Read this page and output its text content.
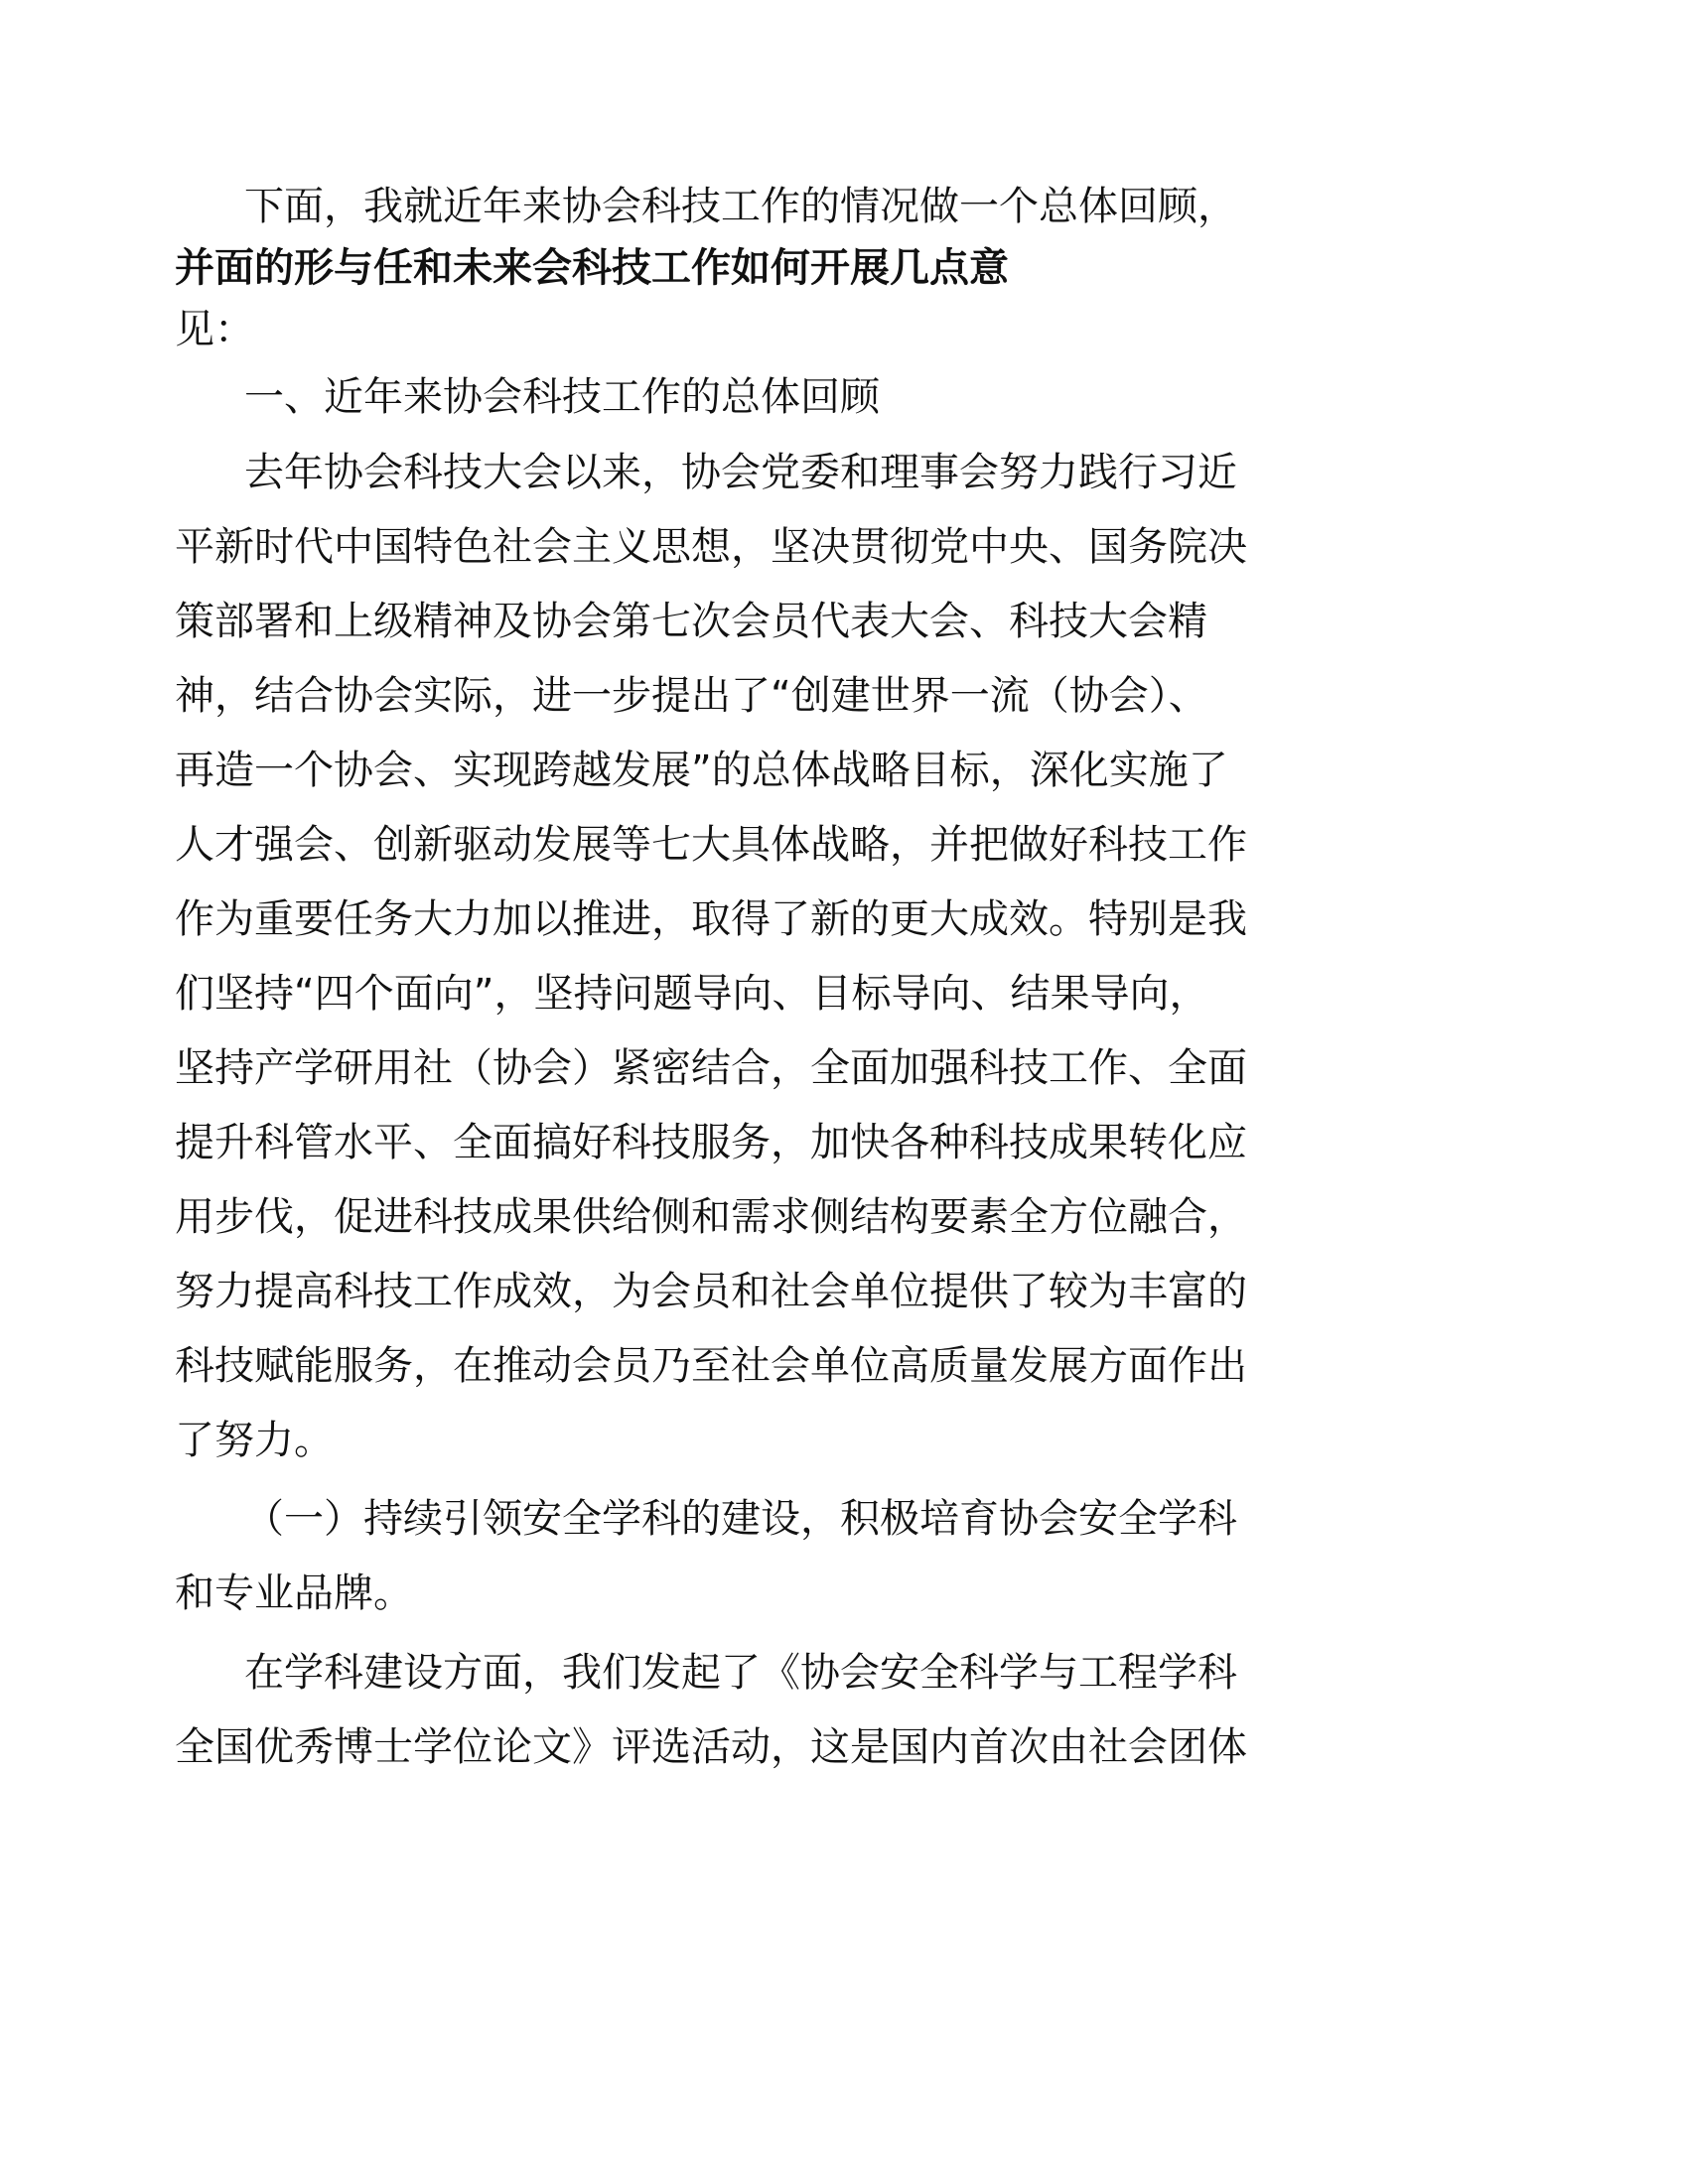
下面，我就近年来协会科技工作的情况做一个总体回顾，

并面的形与任和未来会科技工作如何开展几点意

见：

一、近年来协会科技工作的总体回顾

去年协会科技大会以来，协会党委和理事会努力践行习近

平新时代中国特色社会主义思想，坚决贯彻党中央、国务院决

策部署和上级精神及协会第七次会员代表大会、科技大会精

神，结合协会实际，进一步提出了“创建世界一流（协会）、

再造一个协会、实现跨越发展”的总体战略目标，深化实施了

人才强会、创新驱动发展等七大具体战略，并把做好科技工作

作为重要任务大力加以推进，取得了新的更大成效。特别是我

们坚持“四个面向”，坚持问题导向、目标导向、结果导向，

坚持产学研用社（协会）紧密结合，全面加强科技工作、全面

提升科管水平、全面搞好科技服务，加快各种科技成果转化应

用步伐，促进科技成果供给侧和需求侧结构要素全方位融合，

努力提高科技工作成效，为会员和社会单位提供了较为丰富的

科技赋能服务，在推动会员乃至社会单位高质量发展方面作出

了努力。

（一）持续引领安全学科的建设，积极培育协会安全学科

和专业品牌。

在学科建设方面，我们发起了《协会安全科学与工程学科

全国优秀博士学位论文》评选活动，这是国内首次由社会团体
